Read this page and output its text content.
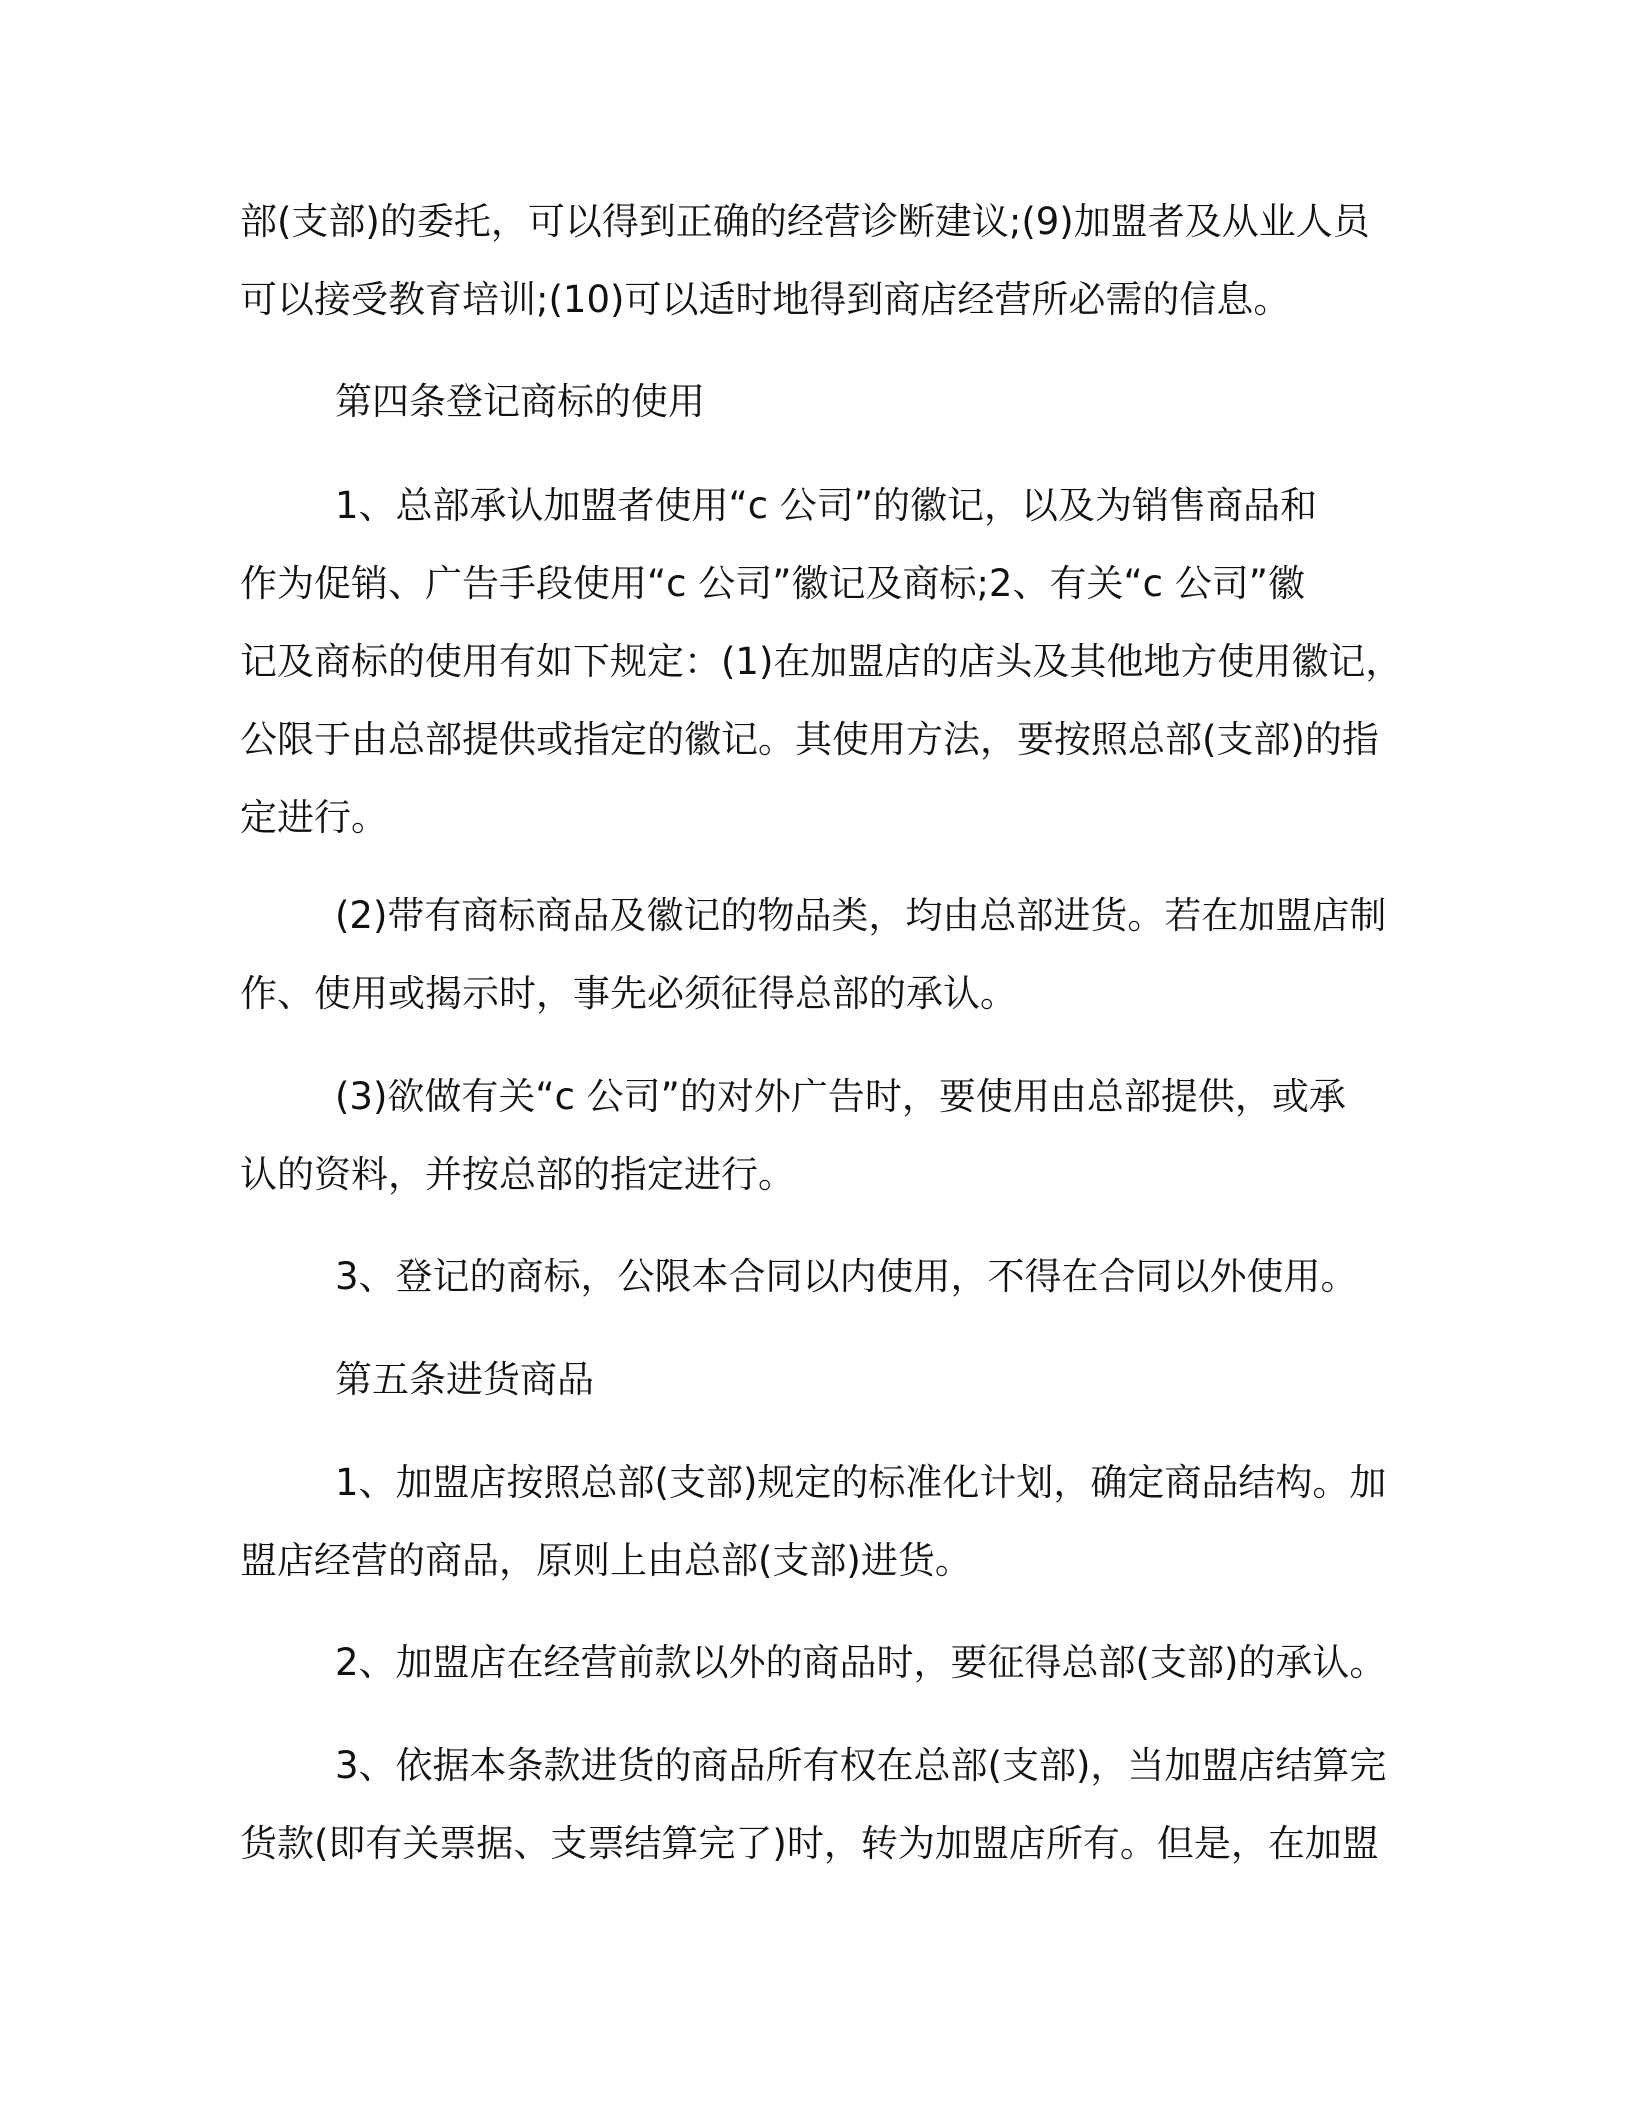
部(支部)的委托，可以得到正确的经营诊断建议;(9)加盟者及从业人员
可以接受教育培训;(10)可以适时地得到商店经营所必需的信息。

第四条登记商标的使用

1、总部承认加盟者使用“c 公司”的徽记，以及为销售商品和
作为促销、广告手段使用“c 公司”徽记及商标;2、有关“c 公司”徽
记及商标的使用有如下规定：(1)在加盟店的店头及其他地方使用徽记，
公限于由总部提供或指定的徽记。其使用方法，要按照总部(支部)的指
定进行。

(2)带有商标商品及徽记的物品类，均由总部进货。若在加盟店制
作、使用或揭示时，事先必须征得总部的承认。

(3)欲做有关“c 公司”的对外广告时，要使用由总部提供，或承
认的资料，并按总部的指定进行。

3、登记的商标，公限本合同以内使用，不得在合同以外使用。

第五条进货商品

1、加盟店按照总部(支部)规定的标准化计划，确定商品结构。加
盟店经营的商品，原则上由总部(支部)进货。

2、加盟店在经营前款以外的商品时，要征得总部(支部)的承认。

3、依据本条款进货的商品所有权在总部(支部)，当加盟店结算完
货款(即有关票据、支票结算完了)时，转为加盟店所有。但是，在加盟
